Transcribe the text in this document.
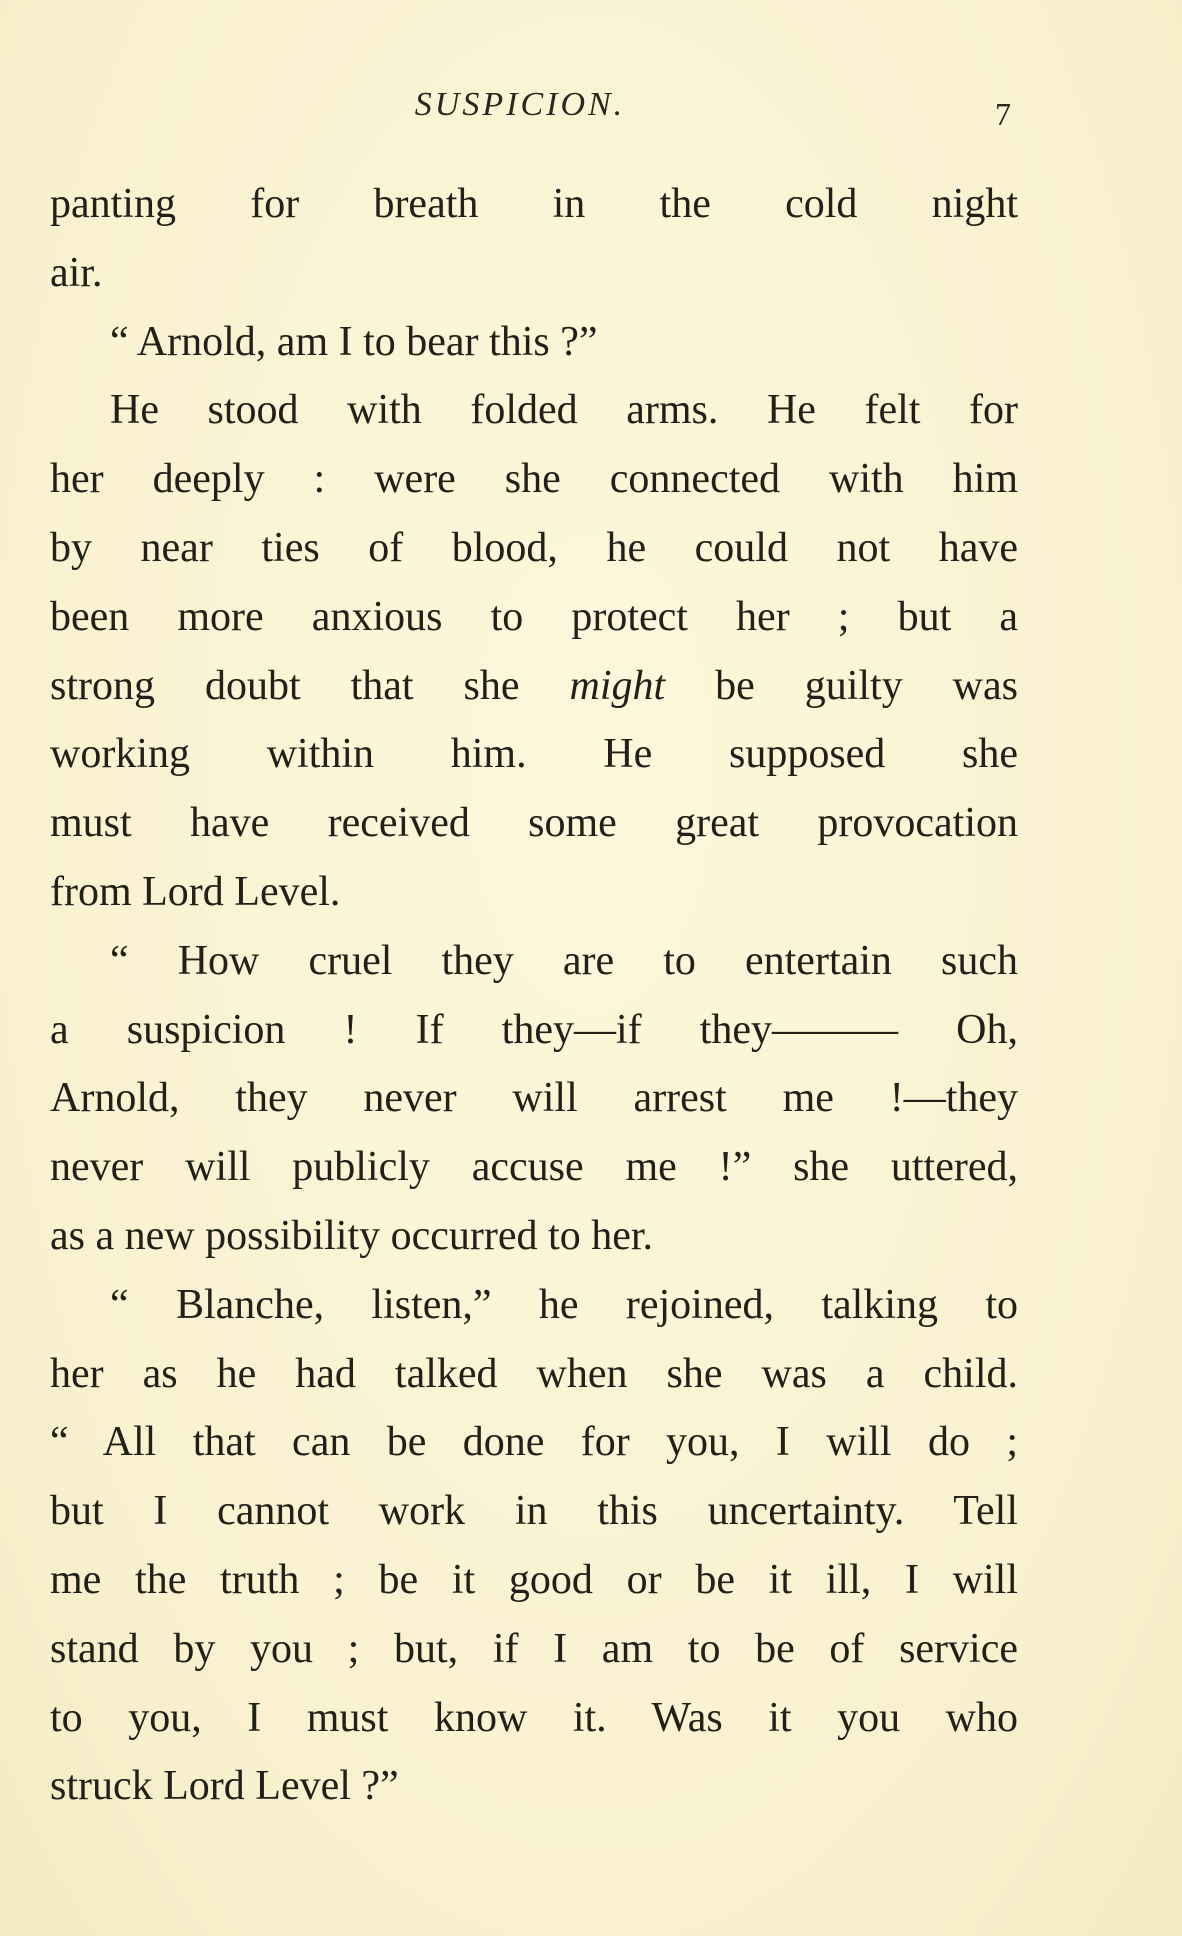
SUSPICION.	7
panting for breath in the cold night
air.
“ Arnold, am I to bear this ?”
He stood with folded arms. He felt for
her deeply : were she connected with him
by near ties of blood, he could not have
been more anxious to protect her ; but a
strong doubt that she might be guilty was
working within him. He supposed she
must have received some great provocation
from Lord Level.
“ How cruel they are to entertain such
a suspicion ! If they—if they——— Oh,
Arnold, they never will arrest me !—they
never will publicly accuse me !” she uttered,
as a new possibility occurred to her.
“ Blanche, listen,” he rejoined, talking to
her as he had talked when she was a child.
“ All that can be done for you, I will do ;
but I cannot work in this uncertainty. Tell
me the truth ; be it good or be it ill, I will
stand by you ; but, if I am to be of service
to you, I must know it. Was it you who
struck Lord Level ?”
